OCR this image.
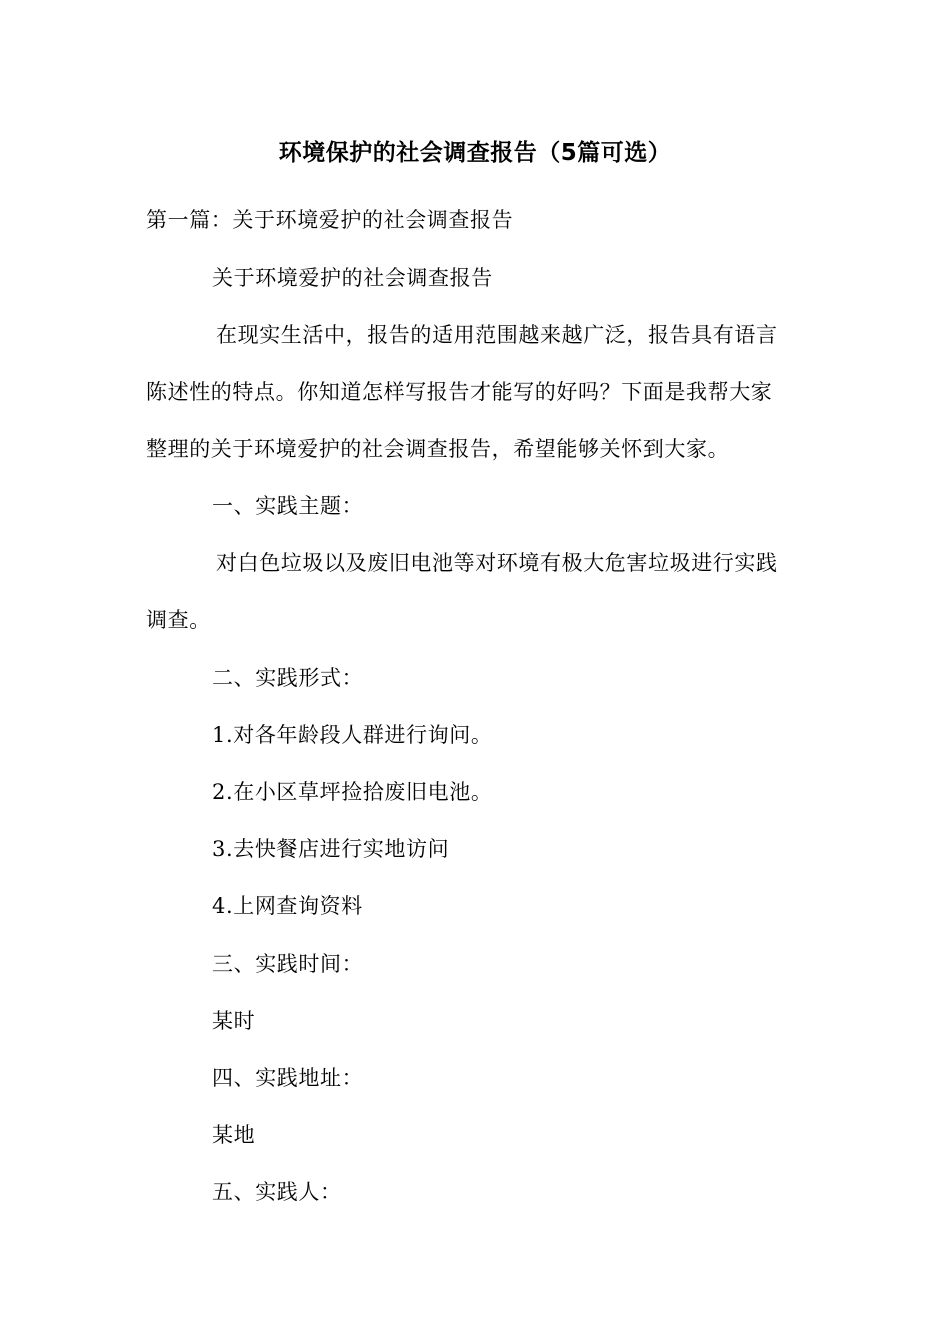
环境保护的社会调查报告（5篇可选）
第一篇：关于环境爱护的社会调查报告
关于环境爱护的社会调查报告
在现实生活中，报告的适用范围越来越广泛，报告具有语言
陈述性的特点。你知道怎样写报告才能写的好吗？下面是我帮大家
整理的关于环境爱护的社会调查报告，希望能够关怀到大家。
一、实践主题：
对白色垃圾以及废旧电池等对环境有极大危害垃圾进行实践
调查。
二、实践形式：
1.对各年龄段人群进行询问。
2.在小区草坪捡拾废旧电池。
3.去快餐店进行实地访问
4.上网查询资料
三、实践时间：
某时
四、实践地址：
某地
五、实践人：
